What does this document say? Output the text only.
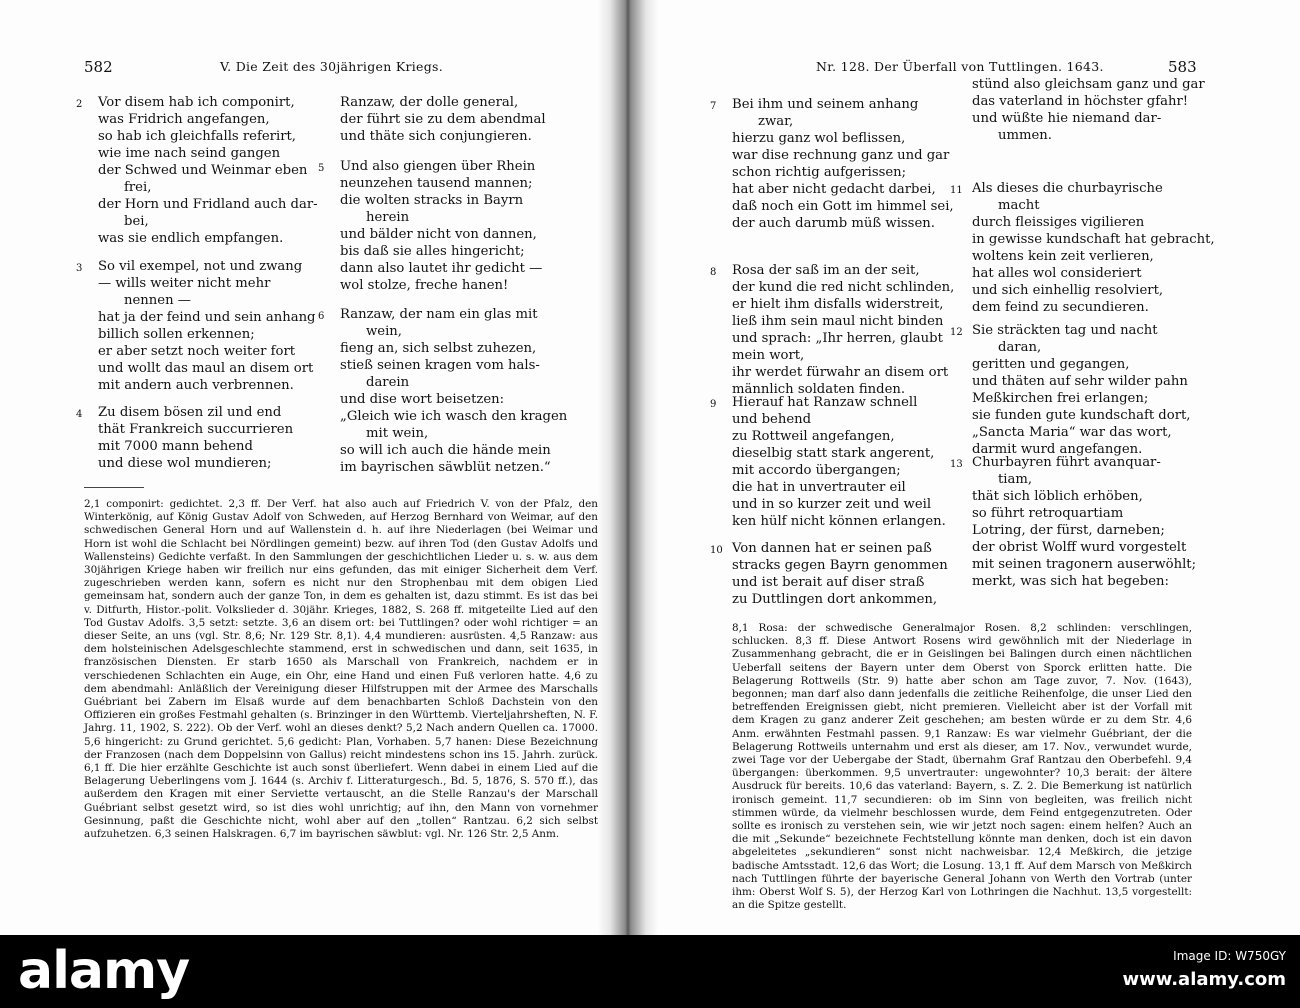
582	V. Die Zeit des 30jährigen Kriegs.
2 Vor disem hab ich componirt,
was Fridrich angefangen,
so hab ich gleichfalls referirt,
wie ime nach seind gangen
der Schwed und Weinmar eben
frei,
der Horn und Fridland auch dar-
bei,
was sie endlich empfangen.
3 So vil exempel, not und zwang
— wills weiter nicht mehr
nennen —
hat ja der feind und sein anhang
billich sollen erkennen;
er aber setzt noch weiter fort
und wollt das maul an disem ort
mit andern auch verbrennen.
4 Zu disem bösen zil und end
thät Frankreich succurrieren
mit 7000 mann behend
und diese wol mundieren;
Ranzaw, der dolle general,
der führt sie zu dem abendmal
und thäte sich conjungieren.
5 Und also giengen über Rhein
neunzehen tausend mannen;
die wolten stracks in Bayrn
herein
und bälder nicht von dannen,
bis daß sie alles hingericht;
dann also lautet ihr gedicht —
wol stolze, freche hanen!
6 Ranzaw, der nam ein glas mit
wein,
fieng an, sich selbst zuhezen,
stieß seinen kragen vom hals-
darein
und dise wort beisetzen:
„Gleich wie ich wasch den kragen
mit wein,
so will ich auch die hände mein
im bayrischen säwblüt netzen.“

2,1 componirt: gedichtet. 2,3 ff. Der Verf. hat also auch auf Friedrich V. von der Pfalz, den Winterkönig, auf König Gustav Adolf von Schweden, auf Herzog Bernhard von Weimar, auf den schwedischen General Horn und auf Wallenstein d. h. auf ihre Niederlagen (bei Weimar und Horn ist wohl die Schlacht bei Nördlingen gemeint) bezw. auf ihren Tod (den Gustav Adolfs und Wallensteins) Gedichte verfaßt. In den Sammlungen der geschichtlichen Lieder u. s. w. aus dem 30jährigen Kriege haben wir freilich nur eins gefunden, das mit einiger Sicherheit dem Verf. zugeschrieben werden kann, sofern es nicht nur den Strophenbau mit dem obigen Lied gemeinsam hat, sondern auch der ganze Ton, in dem es gehalten ist, dazu stimmt. Es ist das bei v. Ditfurth, Histor.-polit. Volkslieder d. 30jähr. Krieges, 1882, S. 268 ff. mitgeteilte Lied auf den Tod Gustav Adolfs. 3,5 setzt: setzte. 3,6 an disem ort: bei Tuttlingen? oder wohl richtiger = an dieser Seite, an uns (vgl. Str. 8,6; Nr. 129 Str. 8,1). 4,4 mundieren: ausrüsten. 4,5 Ranzaw: aus dem holsteinischen Adelsgeschlechte stammend, erst in schwedischen und dann, seit 1635, in französischen Diensten. Er starb 1650 als Marschall von Frankreich, nachdem er in verschiedenen Schlachten ein Auge, ein Ohr, eine Hand und einen Fuß verloren hatte. 4,6 zu dem abendmahl: Anläßlich der Vereinigung dieser Hilfstruppen mit der Armee des Marschalls Guébriant bei Zabern im Elsaß wurde auf dem benachbarten Schloß Dachstein von den Offizieren ein großes Festmahl gehalten (s. Brinzinger in den Württemb. Vierteljahrsheften, N. F. Jahrg. 11, 1902, S. 222). Ob der Verf. wohl an dieses denkt? 5,2 Nach andern Quellen ca. 17000. 5,6 hingericht: zu Grund gerichtet. 5,6 gedicht: Plan, Vorhaben. 5,7 hanen: Diese Bezeichnung der Franzosen (nach dem Doppelsinn von Gallus) reicht mindestens schon ins 15. Jahrh. zurück. 6,1 ff. Die hier erzählte Geschichte ist auch sonst überliefert. Wenn dabei in einem Lied auf die Belagerung Ueberlingens vom J. 1644 (s. Archiv f. Litteraturgesch., Bd. 5, 1876, S. 570 ff.), das außerdem den Kragen mit einer Serviette vertauscht, an die Stelle Ranzau's der Marschall Guébriant selbst gesetzt wird, so ist dies wohl unrichtig; auf ihn, den Mann von vornehmer Gesinnung, paßt die Geschichte nicht, wohl aber auf den „tollen“ Rantzau. 6,2 sich selbst aufzuhetzen. 6,3 seinen Halskragen. 6,7 im bayrischen säwblut: vgl. Nr. 126 Str. 2,5 Anm.

Nr. 128. Der Überfall von Tuttlingen. 1643.	583
7 Bei ihm und seinem anhang
zwar,
hierzu ganz wol beflissen,
war dise rechnung ganz und gar
schon richtig aufgerissen;
hat aber nicht gedacht darbei,
daß noch ein Gott im himmel sei,
der auch darumb müß wissen.
8 Rosa der saß im an der seit,
der kund die red nicht schlinden,
er hielt ihm disfalls widerstreit,
ließ ihm sein maul nicht binden
und sprach: „Ihr herren, glaubt
mein wort,
ihr werdet fürwahr an disem ort
männlich soldaten finden.
9 Hierauf hat Ranzaw schnell
und behend
zu Rottweil angefangen,
dieselbig statt stark angerent,
mit accordo übergangen;
die hat in unvertrauter eil
und in so kurzer zeit und weil
ken hülf nicht können erlangen.
10 Von dannen hat er seinen paß
stracks gegen Bayrn genommen
und ist berait auf diser straß
zu Duttlingen dort ankommen,
stünd also gleichsam ganz und gar
das vaterland in höchster gfahr!
und wüßte hie niemand dar-
ummen.
11 Als dieses die churbayrische
macht
durch fleissiges vigilieren
in gewisse kundschaft hat gebracht,
woltens kein zeit verlieren,
hat alles wol consideriert
und sich einhellig resolviert,
dem feind zu secundieren.
12 Sie sträckten tag und nacht
daran,
geritten und gegangen,
und thäten auf sehr wilder pahn
Meßkirchen frei erlangen;
sie funden gute kundschaft dort,
„Sancta Maria“ war das wort,
darmit wurd angefangen.
13 Churbayren führt avanquar-
tiam,
thät sich löblich erhöben,
so führt retroquartiam
Lotring, der fürst, darneben;
der obrist Wolff wurd vorgestelt
mit seinen tragonern auserwöhlt;
merkt, was sich hat begeben:

8,1 Rosa: der schwedische Generalmajor Rosen. 8,2 schlinden: verschlingen, schlucken. 8,3 ff. Diese Antwort Rosens wird gewöhnlich mit der Niederlage in Zusammenhang gebracht, die er in Geislingen bei Balingen durch einen nächtlichen Ueberfall seitens der Bayern unter dem Oberst von Sporck erlitten hatte. Die Belagerung Rottweils (Str. 9) hatte aber schon am Tage zuvor, 7. Nov. (1643), begonnen; man darf also dann jedenfalls die zeitliche Reihenfolge, die unser Lied den betreffenden Ereignissen giebt, nicht premieren. Vielleicht aber ist der Vorfall mit dem Kragen zu ganz anderer Zeit geschehen; am besten würde er zu dem Str. 4,6 Anm. erwähnten Festmahl passen. 9,1 Ranzaw: Es war vielmehr Guébriant, der die Belagerung Rottweils unternahm und erst als dieser, am 17. Nov., verwundet wurde, zwei Tage vor der Uebergabe der Stadt, übernahm Graf Rantzau den Oberbefehl. 9,4 übergangen: überkommen. 9,5 unvertrauter: ungewohnter? 10,3 berait: der ältere Ausdruck für bereits. 10,6 das vaterland: Bayern, s. Z. 2. Die Bemerkung ist natürlich ironisch gemeint. 11,7 secundieren: ob im Sinn von begleiten, was freilich nicht stimmen würde, da vielmehr beschlossen wurde, dem Feind entgegenzutreten. Oder sollte es ironisch zu verstehen sein, wie wir jetzt noch sagen: einem helfen? Auch an die mit „Sekunde“ bezeichnete Fechtstellung könnte man denken, doch ist ein davon abgeleitetes „sekundieren“ sonst nicht nachweisbar. 12,4 Meßkirch, die jetzige badische Amtsstadt. 12,6 das Wort; die Losung. 13,1 ff. Auf dem Marsch von Meßkirch nach Tuttlingen führte der bayerische General Johann von Werth den Vortrab (unter ihm: Oberst Wolf S. 5), der Herzog Karl von Lothringen die Nachhut. 13,5 vorgestellt: an die Spitze gestellt.

alamy	Image ID: W750GY
www.alamy.com
